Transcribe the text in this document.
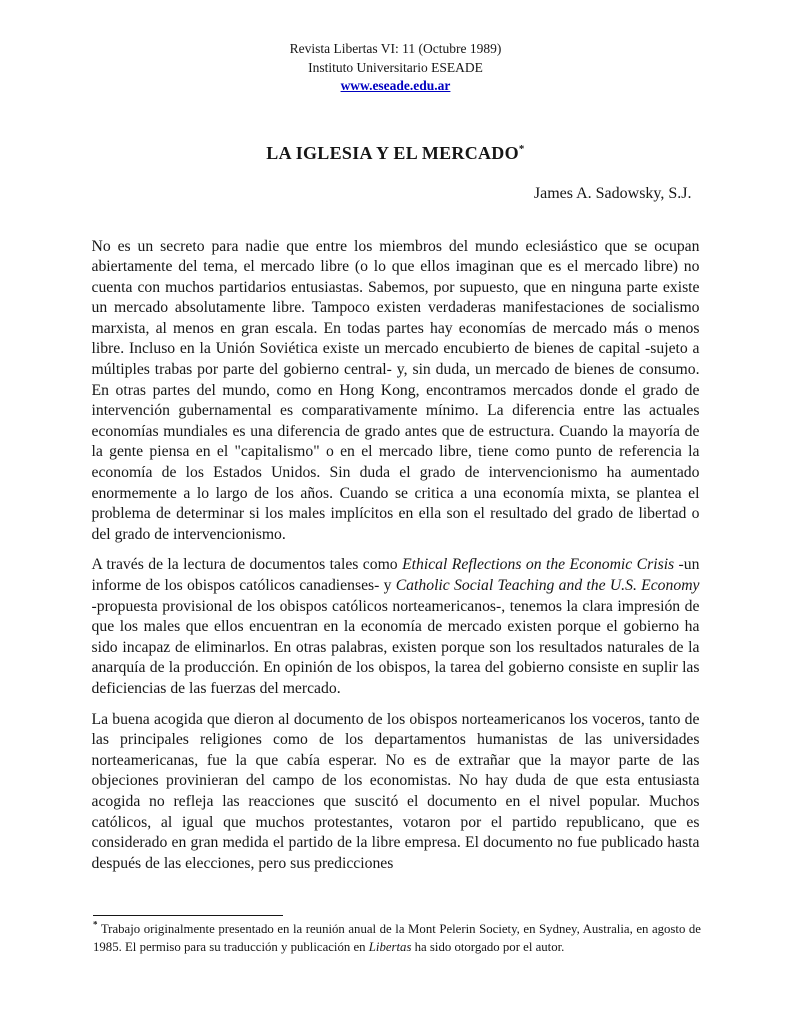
Revista Libertas VI: 11 (Octubre 1989)
Instituto Universitario ESEADE
www.eseade.edu.ar
LA IGLESIA Y EL MERCADO*
James A. Sadowsky, S.J.

No es un secreto para nadie que entre los miembros del mundo eclesiástico que se ocupan abiertamente del tema, el mercado libre (o lo que ellos imaginan que es el mercado libre) no cuenta con muchos partidarios entusiastas. Sabemos, por supuesto, que en ninguna parte existe un mercado absolutamente libre. Tampoco existen verdaderas manifestaciones de socialismo marxista, al menos en gran escala. En todas partes hay economías de mercado más o menos libre. Incluso en la Unión Soviética existe un mercado encubierto de bienes de capital -sujeto a múltiples trabas por parte del gobierno central- y, sin duda, un mercado de bienes de consumo. En otras partes del mundo, como en Hong Kong, encontramos mercados donde el grado de intervención gubernamental es comparativamente mínimo. La diferencia entre las actuales economías mundiales es una diferencia de grado antes que de estructura. Cuando la mayoría de la gente piensa en el "capitalismo" o en el mercado libre, tiene como punto de referencia la economía de los Estados Unidos. Sin duda el grado de intervencionismo ha aumentado enormemente a lo largo de los años. Cuando se critica a una economía mixta, se plantea el problema de determinar si los males implícitos en ella son el resultado del grado de libertad o del grado de intervencionismo.

A través de la lectura de documentos tales como Ethical Reflections on the Economic Crisis -un informe de los obispos católicos canadienses- y Catholic Social Teaching and the U.S. Economy -propuesta provisional de los obispos católicos norteamericanos-, tenemos la clara impresión de que los males que ellos encuentran en la economía de mercado existen porque el gobierno ha sido incapaz de eliminarlos. En otras palabras, existen porque son los resultados naturales de la anarquía de la producción. En opinión de los obispos, la tarea del gobierno consiste en suplir las deficiencias de las fuerzas del mercado.

La buena acogida que dieron al documento de los obispos norteamericanos los voceros, tanto de las principales religiones como de los departamentos humanistas de las universidades norteamericanas, fue la que cabía esperar. No es de extrañar que la mayor parte de las objeciones provinieran del campo de los economistas. No hay duda de que esta entusiasta acogida no refleja las reacciones que suscitó el documento en el nivel popular. Muchos católicos, al igual que muchos protestantes, votaron por el partido republicano, que es considerado en gran medida el partido de la libre empresa. El documento no fue publicado hasta después de las elecciones, pero sus predicciones

* Trabajo originalmente presentado en la reunión anual de la Mont Pelerin Society, en Sydney, Australia, en agosto de 1985. El permiso para su traducción y publicación en Libertas ha sido otorgado por el autor.
